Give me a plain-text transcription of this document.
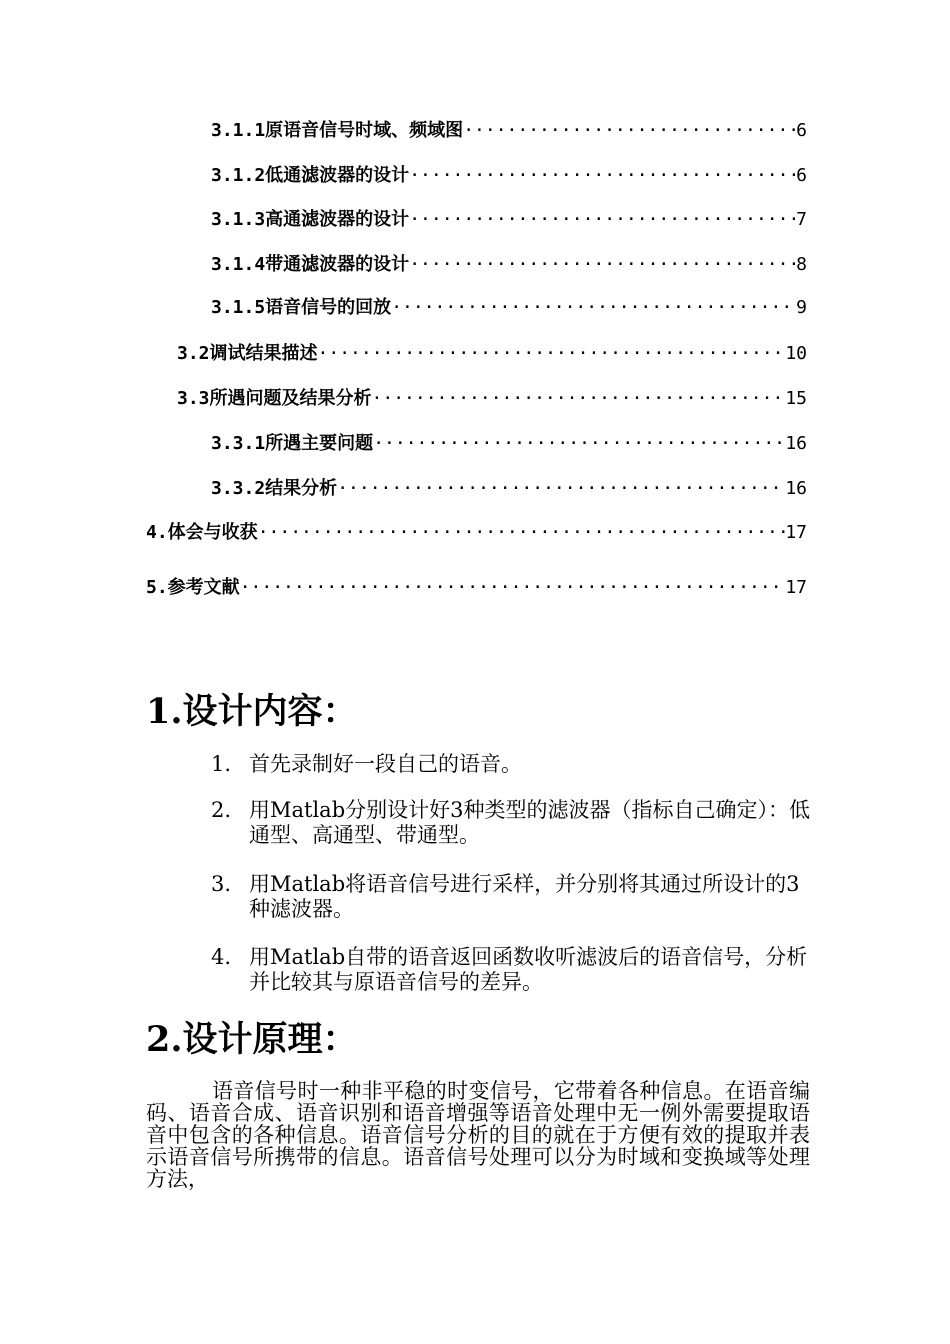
3.1.1原语音信号时域、频域图 ·····	6
3.1.2低通滤波器的设计 ·····	6
3.1.3高通滤波器的设计 ·····	7
3.1.4带通滤波器的设计 ·····	8
3.1.5语音信号的回放 ·····	9
3.2调试结果描述 ·····	10
3.3所遇问题及结果分析 ·····	15
3.3.1所遇主要问题 ·····	16
3.3.2结果分析 ·····	16
4.体会与收获 ·····	17
5.参考文献 ·····	17
1.设计内容：
1. 首先录制好一段自己的语音。
2. 用Matlab分别设计好3种类型的滤波器（指标自己确定）：低通型、高通型、带通型。
3. 用Matlab将语音信号进行采样，并分别将其通过所设计的3种滤波器。
4. 用Matlab自带的语音返回函数收听滤波后的语音信号，分析并比较其与原语音信号的差异。
2.设计原理：
语音信号时一种非平稳的时变信号，它带着各种信息。在语音编码、语音合成、语音识别和语音增强等语音处理中无一例外需要提取语音中包含的各种信息。语音信号分析的目的就在于方便有效的提取并表示语音信号所携带的信息。语音信号处理可以分为时域和变换域等处理方法，
